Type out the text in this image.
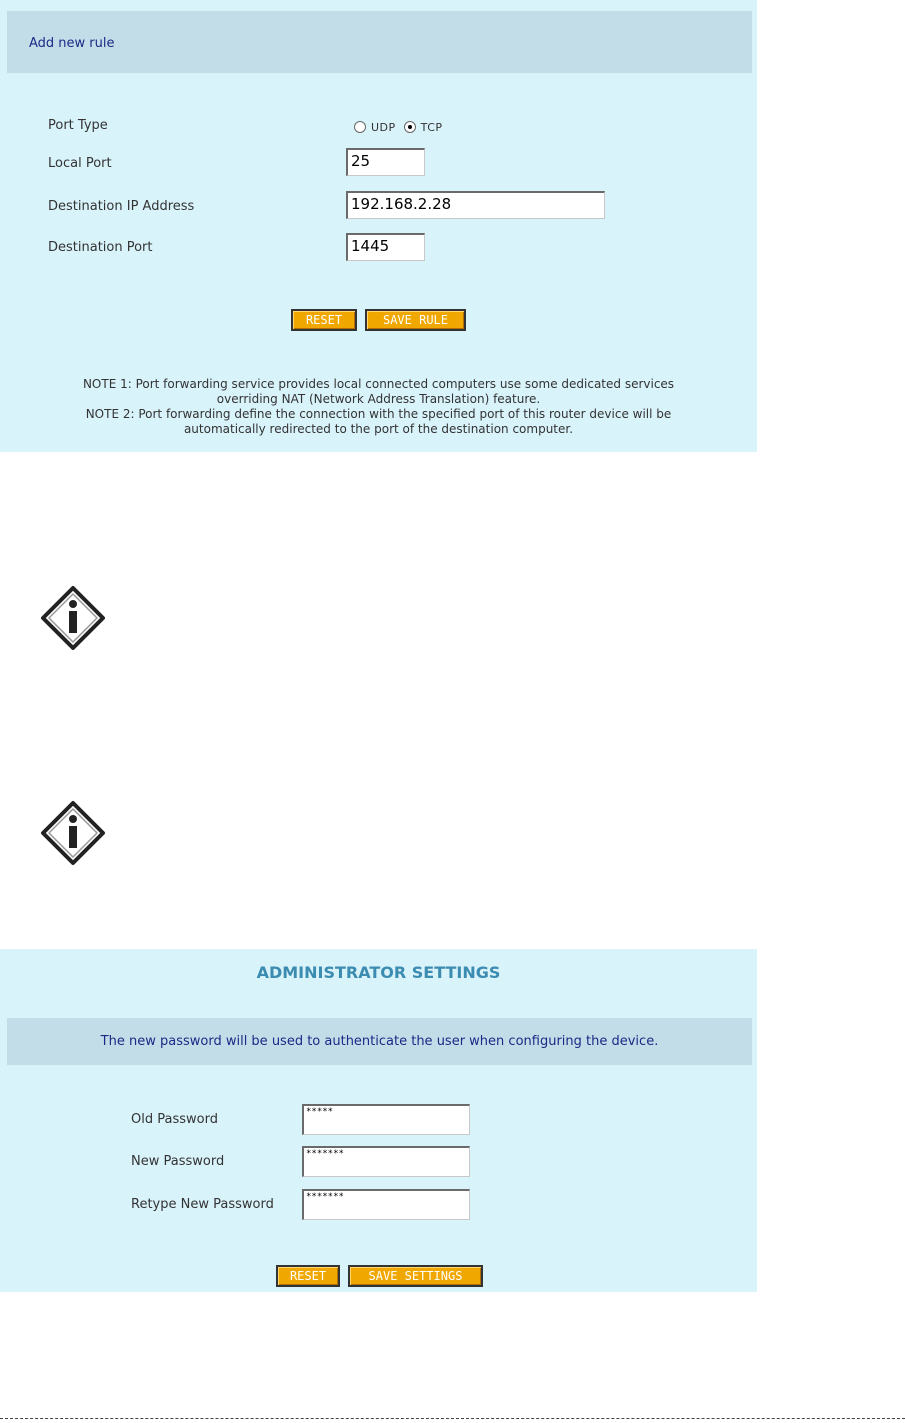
Add new rule
Port Type	UDP TCP
Local Port	25
Destination IP Address	192.168.2.28
Destination Port	1445
RESET	SAVE RULE
NOTE 1: Port forwarding service provides local connected computers use some dedicated services
overriding NAT (Network Address Translation) feature.
NOTE 2: Port forwarding define the connection with the specified port of this router device will be
automatically redirected to the port of the destination computer.
ADMINISTRATOR SETTINGS
The new password will be used to authenticate the user when configuring the device.
Old Password	*****
New Password	*******
Retype New Password	*******
RESET	SAVE SETTINGS
